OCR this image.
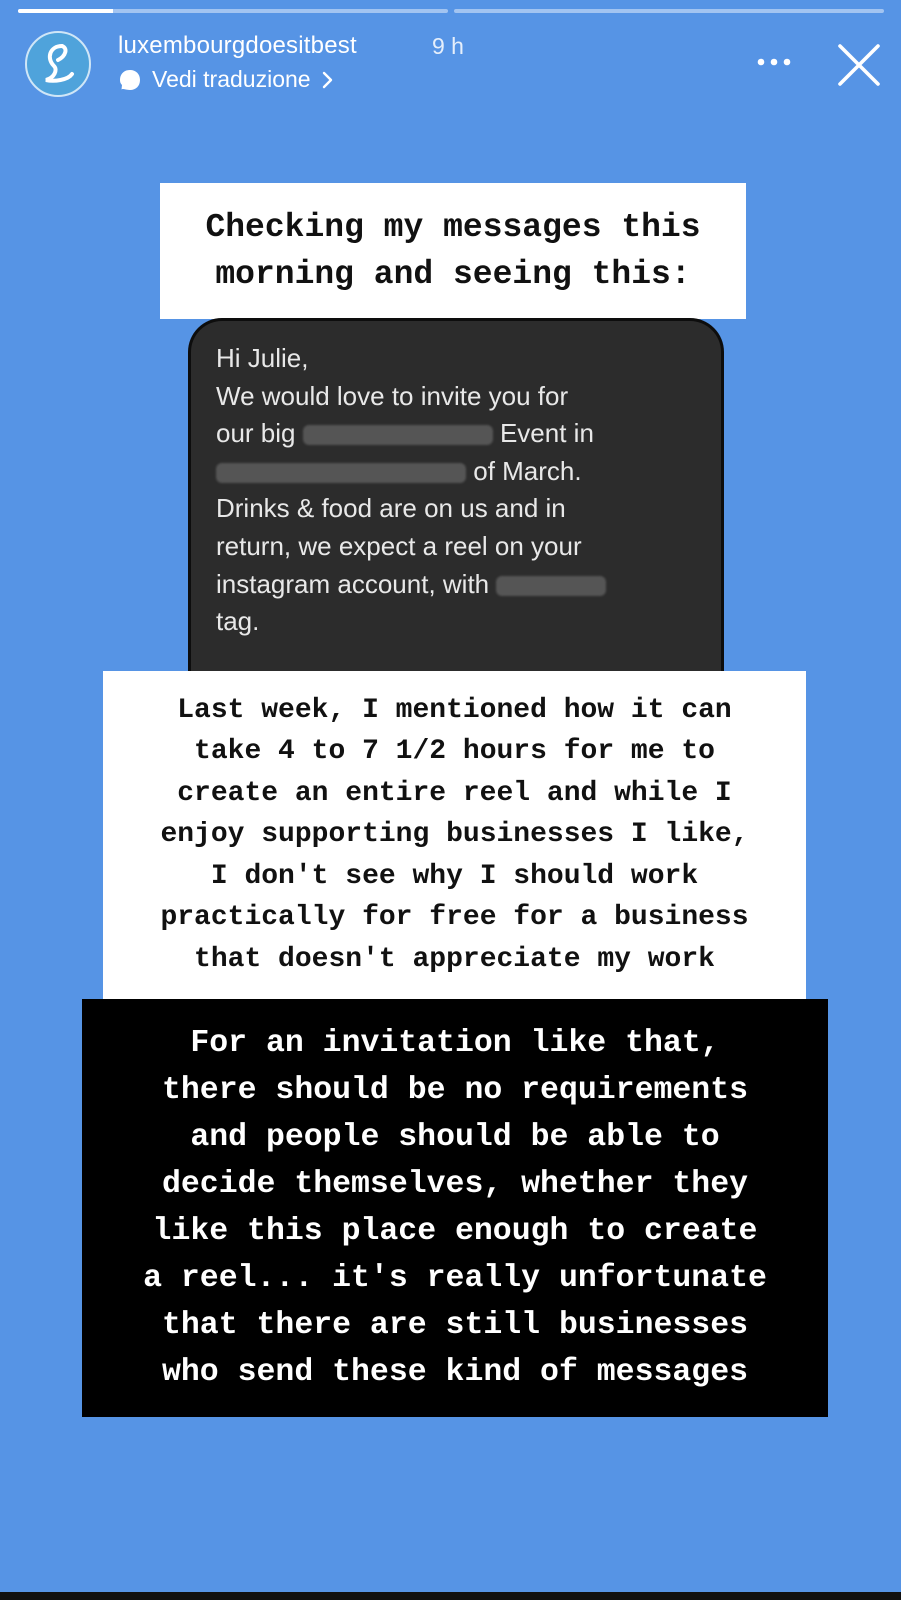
luxembourgdoesitbest	9 h
Vedi traduzione
Checking my messages this
morning and seeing this:
Hi Julie,
We would love to invite you for
our big	Event in
of March.
Drinks & food are on us and in
return, we expect a reel on your
instagram account, with
tag.

Last week, I mentioned how it can
take 4 to 7 1/2 hours for me to
create an entire reel and while I
enjoy supporting businesses I like,
I don't see why I should work
practically for free for a business
that doesn't appreciate my work

For an invitation like that,
there should be no requirements
and people should be able to
decide themselves, whether they
like this place enough to create
a reel... it's really unfortunate
that there are still businesses
who send these kind of messages
